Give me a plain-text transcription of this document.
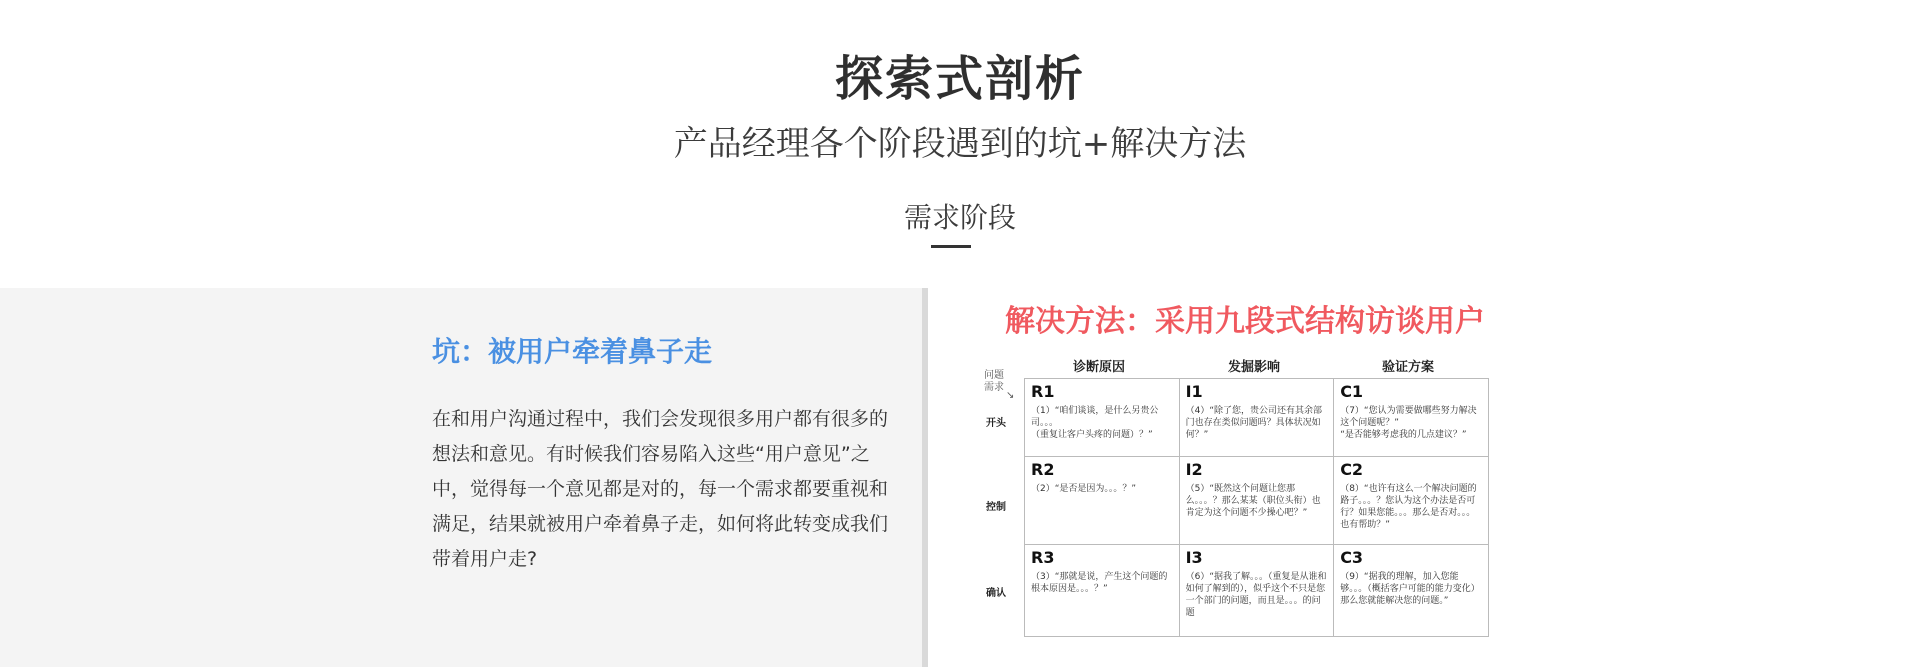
探索式剖析
产品经理各个阶段遇到的坑+解决方法
需求阶段
坑：被用户牵着鼻子走
在和用户沟通过程中，我们会发现很多用户都有很多的想法和意见。有时候我们容易陷入这些“用户意见”之中，觉得每一个意见都是对的，每一个需求都要重视和满足，结果就被用户牵着鼻子走，如何将此转变成我们带着用户走?
解决方法：采用九段式结构访谈用户
问题
需求
↘
诊断原因	发掘影响	验证方案
开头
控制
确认
R1
（1）“咱们谈谈，是什么另贵公司。。。
（重复让客户头疼的问题）？”
I1
（4）“除了您，贵公司还有其余部门也存在类似问题吗？具体状况如何？”
C1
（7）“您认为需要做哪些努力解决这个问题呢？”
“是否能够考虑我的几点建议？”
R2
（2）“是否是因为。。。？”
I2
（5）“既然这个问题让您那么。。。？那么某某（职位头衔）也肯定为这个问题不少操心吧？”
C2
（8）“也许有这么一个解决问题的路子。。。？您认为这个办法是否可行？如果您能。。。那么是否对。。。也有帮助？”
R3
（3）“那就是说，产生这个问题的根本原因是。。。？”
I3
（6）“据我了解。。。（重复是从谁和如何了解到的），似乎这个不只是您一个部门的问题，而且是。。。的问题
C3
（9）“据我的理解，加入您能够。。。（概括客户可能的能力变化）那么您就能解决您的问题。”
